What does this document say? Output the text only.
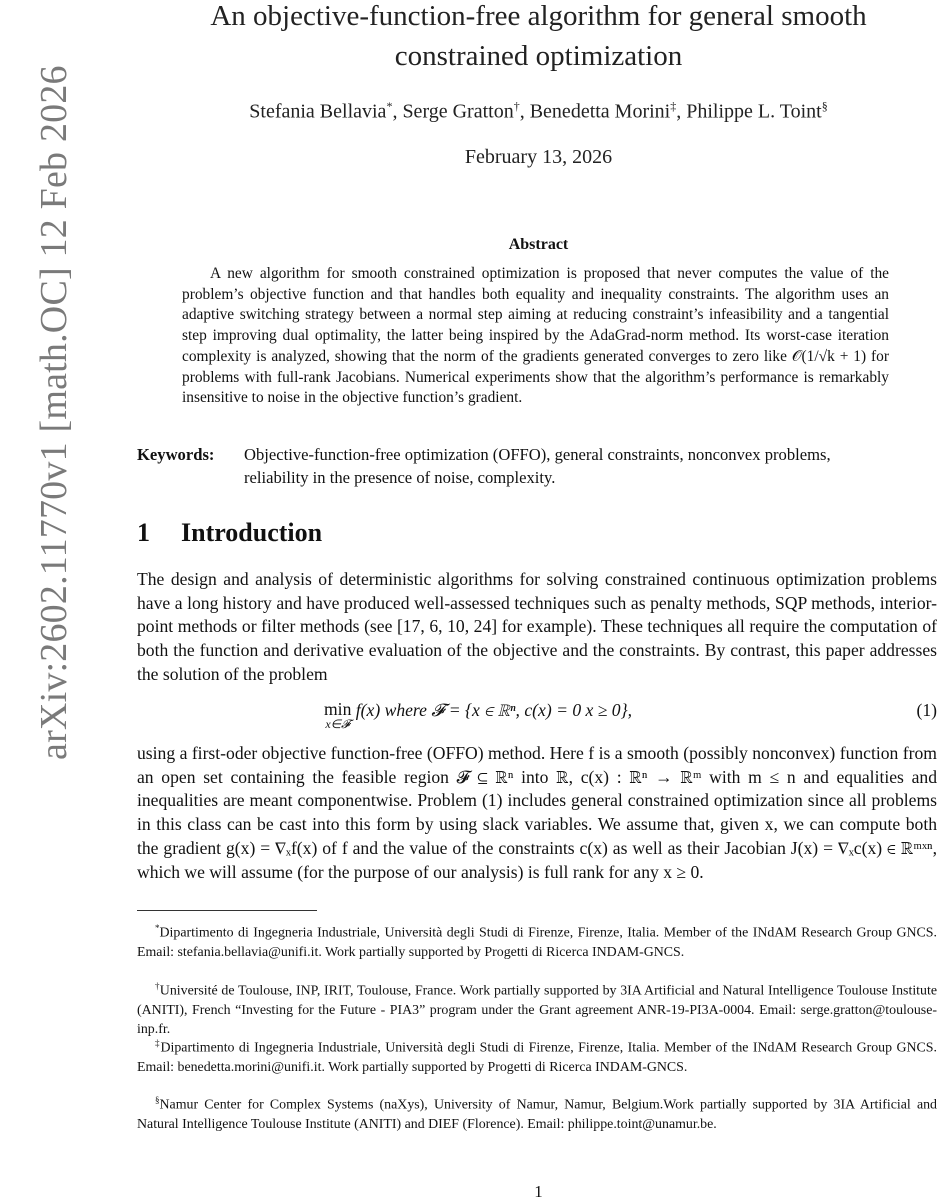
arXiv:2602.11770v1 [math.OC] 12 Feb 2026
An objective-function-free algorithm for general smooth
constrained optimization
Stefania Bellavia*, Serge Gratton†, Benedetta Morini‡, Philippe L. Toint§
February 13, 2026
Abstract

A new algorithm for smooth constrained optimization is proposed that never computes the value of the problem’s objective function and that handles both equality and inequality constraints. The algorithm uses an adaptive switching strategy between a normal step aiming at reducing constraint’s infeasibility and a tangential step improving dual optimality, the latter being inspired by the AdaGrad-norm method. Its worst-case iteration complexity is analyzed, showing that the norm of the gradients generated converges to zero like 𝒪(1/√k + 1) for problems with full-rank Jacobians. Numerical experiments show that the algorithm’s performance is remarkably insensitive to noise in the objective function’s gradient.

Keywords: Objective-function-free optimization (OFFO), general constraints, nonconvex problems, reliability in the presence of noise, complexity.
1 Introduction

The design and analysis of deterministic algorithms for solving constrained continuous optimization problems have a long history and have produced well-assessed techniques such as penalty methods, SQP methods, interior-point methods or filter methods (see [17, 6, 10, 24] for example). These techniques all require the computation of both the function and derivative evaluation of the objective and the constraints. By contrast, this paper addresses the solution of the problem

min
x∈𝓕
f(x) where 𝓕 = {x ∈ ℝⁿ, c(x) = 0 x ≥ 0},	(1)

using a first-oder objective function-free (OFFO) method. Here f is a smooth (possibly nonconvex) function from an open set containing the feasible region 𝓕 ⊆ ℝⁿ into ℝ, c(x) : ℝⁿ → ℝᵐ with m ≤ n and equalities and inequalities are meant componentwise. Problem (1) includes general constrained optimization since all problems in this class can be cast into this form by using slack variables. We assume that, given x, we can compute both the gradient g(x) = ∇ₓf(x) of f and the value of the constraints c(x) as well as their Jacobian J(x) = ∇ₓc(x) ∈ ℝᵐˣⁿ, which we will assume (for the purpose of our analysis) is full rank for any x ≥ 0.

*Dipartimento di Ingegneria Industriale, Università degli Studi di Firenze, Firenze, Italia. Member of the INdAM Research Group GNCS. Email: stefania.bellavia@unifi.it. Work partially supported by Progetti di Ricerca INDAM-GNCS.

†Université de Toulouse, INP, IRIT, Toulouse, France. Work partially supported by 3IA Artificial and Natural Intelligence Toulouse Institute (ANITI), French “Investing for the Future - PIA3” program under the Grant agreement ANR-19-PI3A-0004. Email: serge.gratton@toulouse-inp.fr.

‡Dipartimento di Ingegneria Industriale, Università degli Studi di Firenze, Firenze, Italia. Member of the INdAM Research Group GNCS. Email: benedetta.morini@unifi.it. Work partially supported by Progetti di Ricerca INDAM-GNCS.

§Namur Center for Complex Systems (naXys), University of Namur, Namur, Belgium.Work partially supported by 3IA Artificial and Natural Intelligence Toulouse Institute (ANITI) and DIEF (Florence). Email: philippe.toint@unamur.be.

1
